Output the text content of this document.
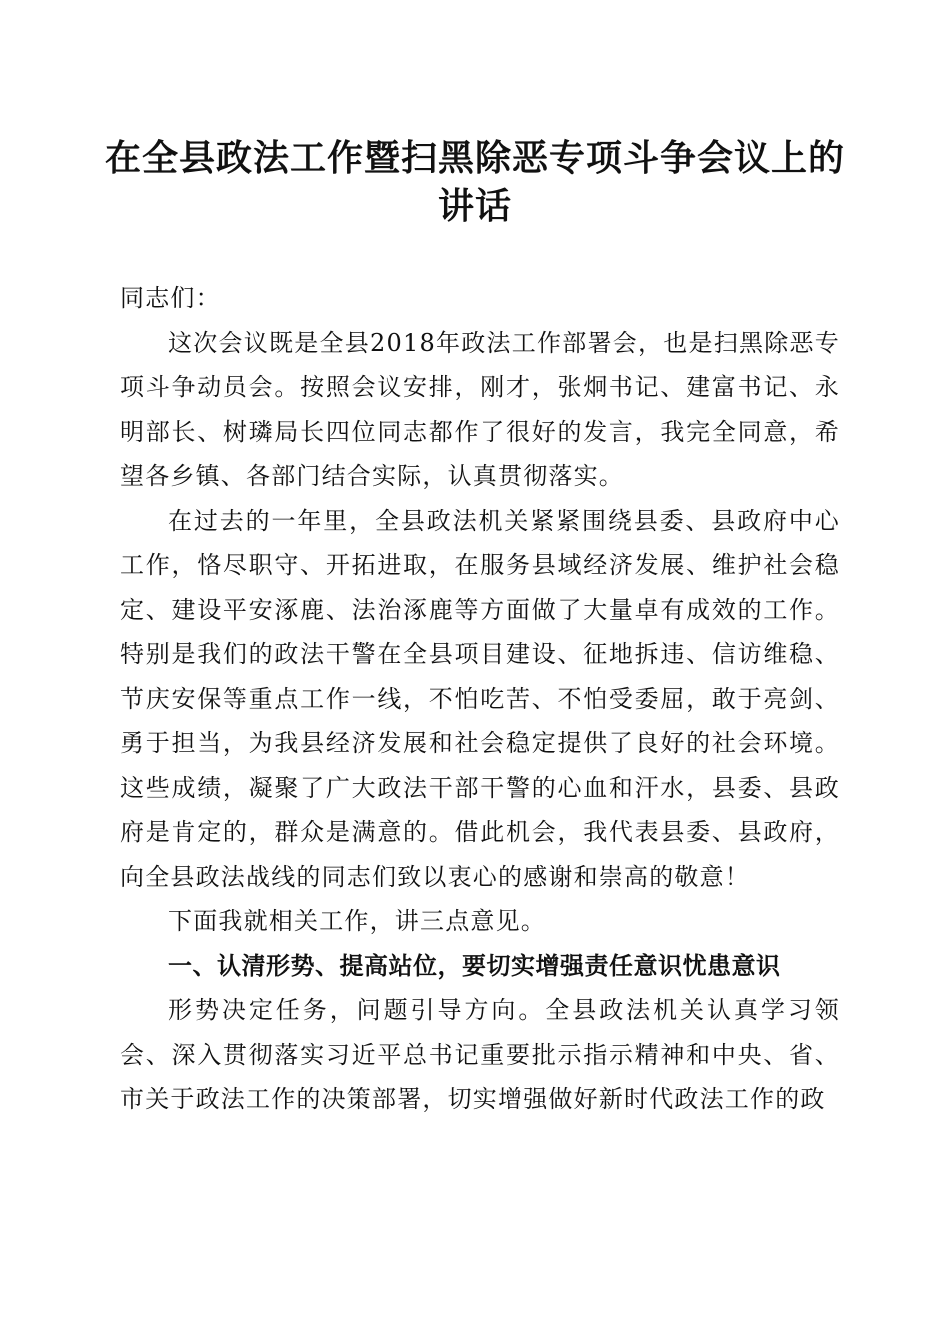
在全县政法工作暨扫黑除恶专项斗争会议上的
讲话

同志们：

这次会议既是全县2018年政法工作部署会，也是扫黑除恶专项斗争动员会。按照会议安排，刚才，张炯书记、建富书记、永明部长、树璘局长四位同志都作了很好的发言，我完全同意，希望各乡镇、各部门结合实际，认真贯彻落实。

在过去的一年里，全县政法机关紧紧围绕县委、县政府中心工作，恪尽职守、开拓进取，在服务县域经济发展、维护社会稳定、建设平安涿鹿、法治涿鹿等方面做了大量卓有成效的工作。特别是我们的政法干警在全县项目建设、征地拆违、信访维稳、节庆安保等重点工作一线，不怕吃苦、不怕受委屈，敢于亮剑、勇于担当，为我县经济发展和社会稳定提供了良好的社会环境。这些成绩，凝聚了广大政法干部干警的心血和汗水，县委、县政府是肯定的，群众是满意的。借此机会，我代表县委、县政府，向全县政法战线的同志们致以衷心的感谢和崇高的敬意！

下面我就相关工作，讲三点意见。

一、认清形势、提高站位，要切实增强责任意识忧患意识

形势决定任务，问题引导方向。全县政法机关认真学习领会、深入贯彻落实习近平总书记重要批示指示精神和中央、省、市关于政法工作的决策部署，切实增强做好新时代政法工作的政
